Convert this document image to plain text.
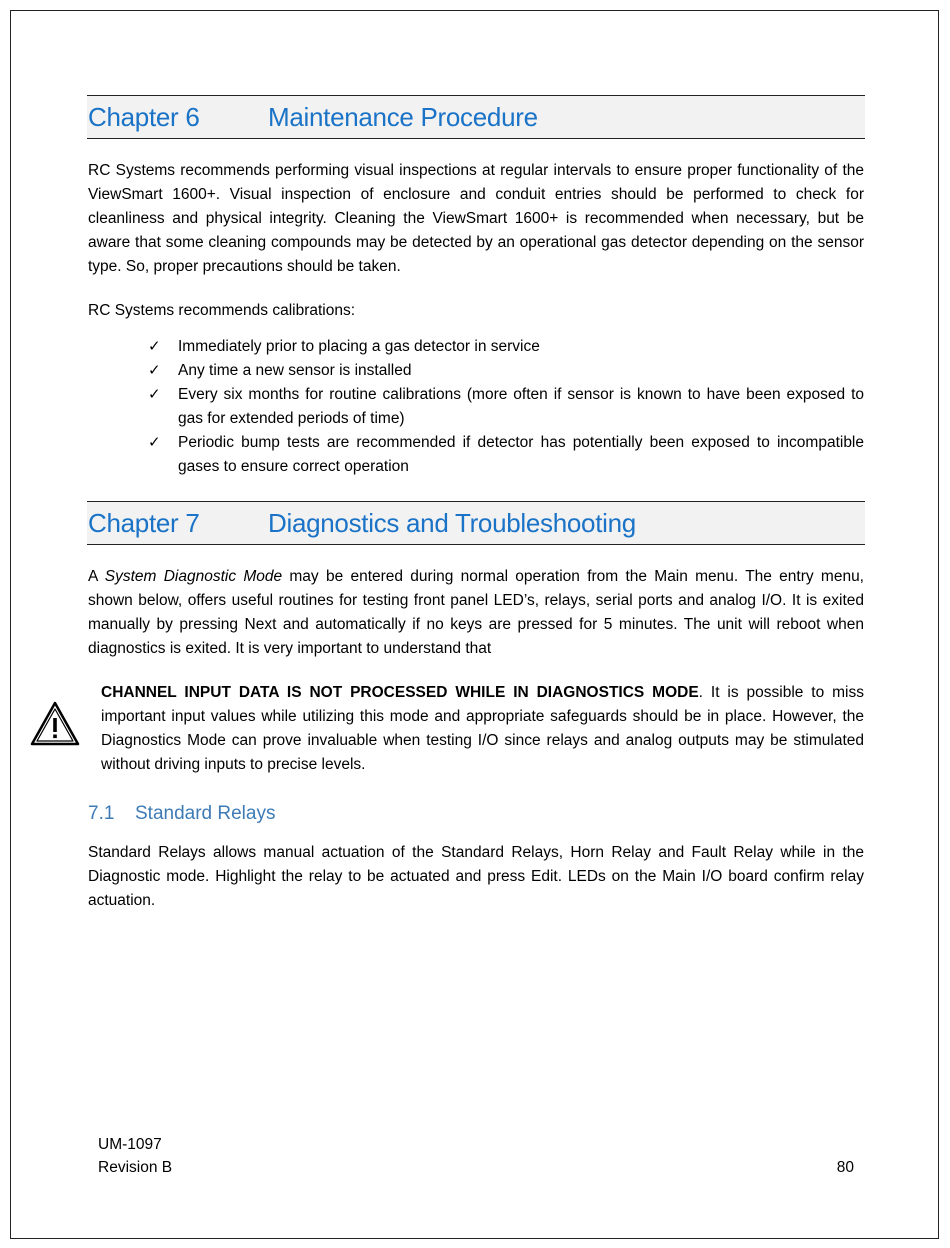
Chapter 6	Maintenance Procedure

RC Systems recommends performing visual inspections at regular intervals to ensure proper functionality of the ViewSmart 1600+. Visual inspection of enclosure and conduit entries should be performed to check for cleanliness and physical integrity. Cleaning the ViewSmart 1600+ is recommended when necessary, but be aware that some cleaning compounds may be detected by an operational gas detector depending on the sensor type. So, proper precautions should be taken.

RC Systems recommends calibrations:

✓ Immediately prior to placing a gas detector in service
✓ Any time a new sensor is installed
✓ Every six months for routine calibrations (more often if sensor is known to have been exposed to gas for extended periods of time)
✓ Periodic bump tests are recommended if detector has potentially been exposed to incompatible gases to ensure correct operation
Chapter 7	Diagnostics and Troubleshooting

A System Diagnostic Mode may be entered during normal operation from the Main menu. The entry menu, shown below, offers useful routines for testing front panel LED’s, relays, serial ports and analog I/O. It is exited manually by pressing Next and automatically if no keys are pressed for 5 minutes. The unit will reboot when diagnostics is exited. It is very important to understand that

CHANNEL INPUT DATA IS NOT PROCESSED WHILE IN DIAGNOSTICS MODE. It is possible to miss important input values while utilizing this mode and appropriate safeguards should be in place. However, the Diagnostics Mode can prove invaluable when testing I/O since relays and analog outputs may be stimulated without driving inputs to precise levels.

7.1	Standard Relays

Standard Relays allows manual actuation of the Standard Relays, Horn Relay and Fault Relay while in the Diagnostic mode. Highlight the relay to be actuated and press Edit. LEDs on the Main I/O board confirm relay actuation.

UM-1097
Revision B	80
